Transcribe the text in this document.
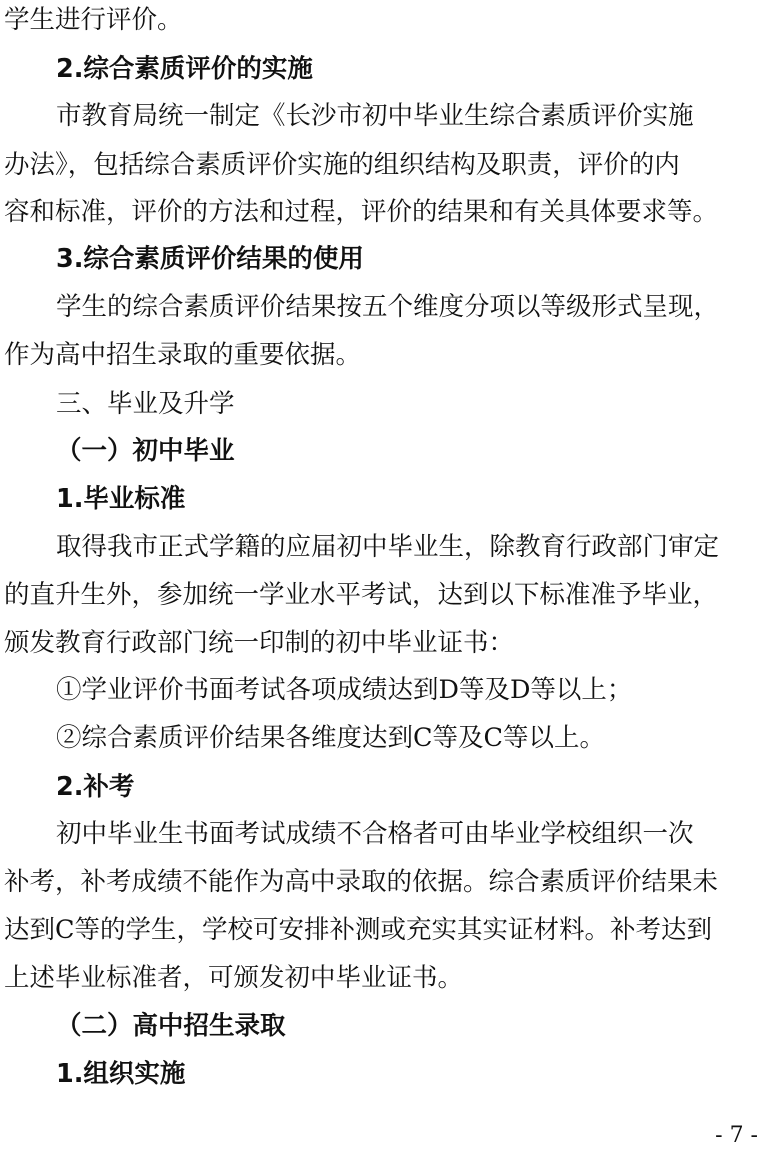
学生进行评价。
2.综合素质评价的实施
市教育局统一制定《长沙市初中毕业生综合素质评价实施
办法》，包括综合素质评价实施的组织结构及职责，评价的内
容和标准，评价的方法和过程，评价的结果和有关具体要求等。
3.综合素质评价结果的使用
学生的综合素质评价结果按五个维度分项以等级形式呈现，
作为高中招生录取的重要依据。
三、毕业及升学
（一）初中毕业
1.毕业标准
取得我市正式学籍的应届初中毕业生，除教育行政部门审定
的直升生外，参加统一学业水平考试，达到以下标准准予毕业，
颁发教育行政部门统一印制的初中毕业证书：
①学业评价书面考试各项成绩达到D等及D等以上；
②综合素质评价结果各维度达到C等及C等以上。
2.补考
初中毕业生书面考试成绩不合格者可由毕业学校组织一次
补考，补考成绩不能作为高中录取的依据。综合素质评价结果未
达到C等的学生，学校可安排补测或充实其实证材料。补考达到
上述毕业标准者，可颁发初中毕业证书。
（二）高中招生录取
1.组织实施
- 7 -
